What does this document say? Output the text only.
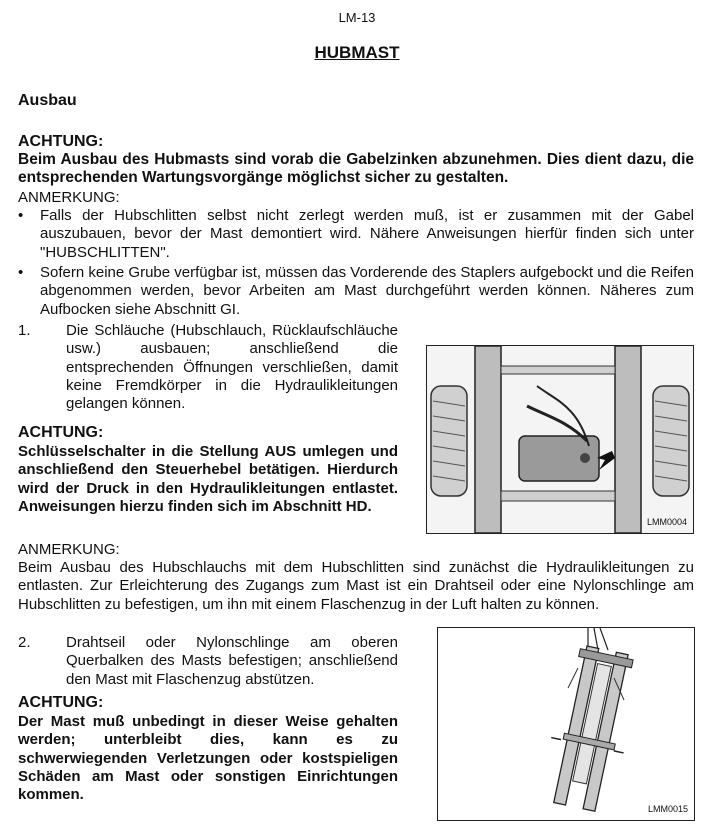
LM-13
HUBMAST
Ausbau
ACHTUNG:
Beim Ausbau des Hubmasts sind vorab die Gabelzinken abzunehmen. Dies dient dazu, die entsprechenden Wartungsvorgänge möglichst sicher zu gestalten.
ANMERKUNG:
•	Falls der Hubschlitten selbst nicht zerlegt werden muß, ist er zusammen mit der Gabel auszubauen, bevor der Mast demontiert wird. Nähere Anweisungen hierfür finden sich unter "HUBSCHLITTEN".
•	Sofern keine Grube verfügbar ist, müssen das Vorderende des Staplers aufgebockt und die Reifen abgenommen werden, bevor Arbeiten am Mast durchgeführt werden können. Näheres zum Aufbocken siehe Abschnitt GI.
1.	Die Schläuche (Hubschlauch, Rücklaufschläuche usw.) ausbauen; anschließend die entsprechenden Öffnungen verschließen, damit keine Fremdkörper in die Hydraulikleitungen gelangen können.
ACHTUNG:
Schlüsselschalter in die Stellung AUS umlegen und anschließend den Steuerhebel betätigen. Hierdurch wird der Druck in den Hydraulikleitungen entlastet. Anweisungen hierzu finden sich im Abschnitt HD.
ANMERKUNG:
Beim Ausbau des Hubschlauchs mit dem Hubschlitten sind zunächst die Hydraulikleitungen zu entlasten. Zur Erleichterung des Zugangs zum Mast ist ein Drahtseil oder eine Nylonschlinge am Hubschlitten zu befestigen, um ihn mit einem Flaschenzug in der Luft halten zu können.
2.	Drahtseil oder Nylonschlinge am oberen Querbalken des Masts befestigen; anschließend den Mast mit Flaschenzug abstützen.
ACHTUNG:
Der Mast muß unbedingt in dieser Weise gehalten werden; unterbleibt dies, kann es zu schwerwiegenden Verletzungen oder kostspieligen Schäden am Mast oder sonstigen Einrichtungen kommen.
LMM0004
LMM0015
